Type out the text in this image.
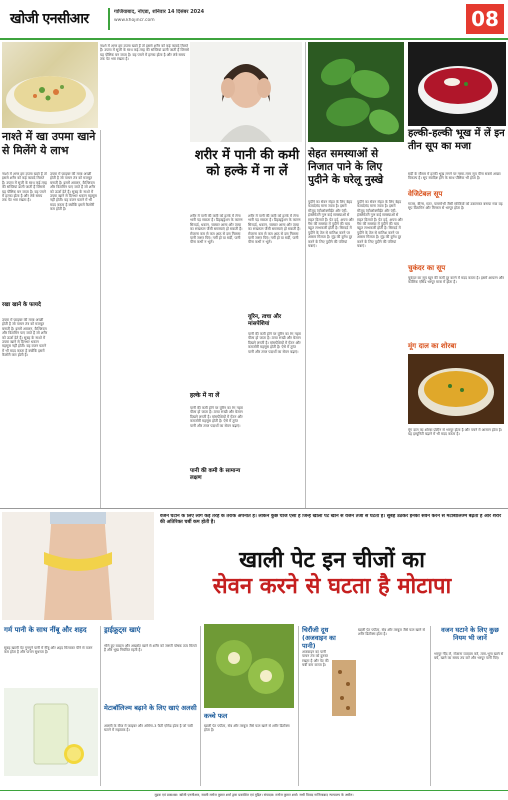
खोजी एनसीआर	गाजियाबाद, नोएडा, शनिवार 14 दिसंबर 2024
www.khojincr.com	08
नाश्ते में अगर हम उपमा खाते हैं तो इससे शरीर को कई फायदे मिलते हैं। उपमा में सूजी के साथ कई तरह की सब्जियां डाली जाती हैं जिससे यह पौष्टिक बन जाता है। यह पचने में हल्का होता है और लंबे समय तक पेट भरा रखता है।
नाश्ते में खा उपमा खाने से मिलेंगे ये लाभ
नाश्ते में अगर हम उपमा खाते हैं तो इससे शरीर को कई फायदे मिलते हैं। उपमा में सूजी के साथ कई तरह की सब्जियां डाली जाती हैं जिससे यह पौष्टिक बन जाता है। यह पचने में हल्का होता है और लंबे समय तक पेट भरा रखता है।
रखा खाने के फायदे
उपमा में फाइबर की मात्रा अच्छी होती है जो पाचन तंत्र को मजबूत बनाती है। इसमें आयरन, कैल्शियम और विटामिन पाए जाते हैं जो शरीर को ऊर्जा देते हैं। सुबह के नाश्ते में उपमा खाने से दिनभर थकान महसूस नहीं होती। यह वजन घटाने में भी मदद करता है क्योंकि इसमें कैलोरी कम होती है।
उपमा में फाइबर की मात्रा अच्छी होती है जो पाचन तंत्र को मजबूत बनाती है। इसमें आयरन, कैल्शियम और विटामिन पाए जाते हैं जो शरीर को ऊर्जा देते हैं। सुबह के नाश्ते में उपमा खाने से दिनभर थकान महसूस नहीं होती। यह वजन घटाने में भी मदद करता है क्योंकि इसमें कैलोरी कम होती है।
शरीर में पानी की कमी को हल्के में ना लें
शरीर में पानी की कमी को हल्के में लेना भारी पड़ सकता है। डिहाइड्रेशन के कारण सिरदर्द, थकान, चक्कर आना और त्वचा का रूखापन जैसी समस्याएं हो सकती हैं। रोजाना कम से कम आठ से दस गिलास पानी जरूर पिएं। गर्मी हो या सर्दी, पानी पीना कभी न भूलें।
हल्के में ना लें
पानी की कमी होने पर यूरिन का रंग गहरा पीला हो जाता है। त्वचा रूखी और बेजान दिखने लगती है। मांसपेशियों में ऐंठन और कमजोरी महसूस होती है। ऐसे में तुरंत पानी और तरल पदार्थों का सेवन बढ़ाएं।
पानी की कमी के सामान्य लक्षण
शरीर में पानी की कमी को हल्के में लेना भारी पड़ सकता है। डिहाइड्रेशन के कारण सिरदर्द, थकान, चक्कर आना और त्वचा का रूखापन जैसी समस्याएं हो सकती हैं। रोजाना कम से कम आठ से दस गिलास पानी जरूर पिएं। गर्मी हो या सर्दी, पानी पीना कभी न भूलें।
यूरिन, त्वचा और मांसपेशियां
पानी की कमी होने पर यूरिन का रंग गहरा पीला हो जाता है। त्वचा रूखी और बेजान दिखने लगती है। मांसपेशियों में ऐंठन और कमजोरी महसूस होती है। ऐसे में तुरंत पानी और तरल पदार्थों का सेवन बढ़ाएं।
सेहत समस्याओं से निजात पाने के लिए पुदीने के घरेलू नुस्खे
पुदीने का सेवन सेहत के लिए बेहद फायदेमंद माना जाता है। इसमें मौजूद एंटीऑक्सीडेंट और एंटी-इंफ्लेमेटरी गुण कई समस्याओं से राहत दिलाते हैं। पेट दर्द, अपच और गैस की समस्या में पुदीने की चाय बहुत लाभकारी होती है। सिरदर्द में पुदीने के तेल से मालिश करने पर आराम मिलता है। मुंह की दुर्गंध दूर करने के लिए पुदीने की पत्तियां चबाएं।
पुदीने का सेवन सेहत के लिए बेहद फायदेमंद माना जाता है। इसमें मौजूद एंटीऑक्सीडेंट और एंटी-इंफ्लेमेटरी गुण कई समस्याओं से राहत दिलाते हैं। पेट दर्द, अपच और गैस की समस्या में पुदीने की चाय बहुत लाभकारी होती है। सिरदर्द में पुदीने के तेल से मालिश करने पर आराम मिलता है। मुंह की दुर्गंध दूर करने के लिए पुदीने की पत्तियां चबाएं।
हल्की-हल्की भूख में लें इन तीन सूप का मजा
सर्दी के मौसम में हल्की भूख लगने पर गरमा-गरम सूप पीना सबसे अच्छा विकल्प है। सूप स्वादिष्ट होने के साथ पौष्टिक भी होता है।
वेजिटेबल सूप
गाजर, बीन्स, मटर, पत्तागोभी जैसी सब्जियों को उबालकर बनाया गया यह सूप विटामिन और मिनरल से भरपूर होता है।
चुकंदर का सूप
चुकंदर का सूप खून की कमी दूर करने में मदद करता है। इसमें आयरन और फोलिक एसिड भरपूर मात्रा में होता है।
मूंग दाल का शोरबा
मूंग दाल का शोरबा प्रोटीन से भरपूर होता है और पचने में आसान होता है। यह इम्यूनिटी बढ़ाने में भी मदद करता है।
वजन घटाने के लिए लोग कई तरह के तरीके अपनाते हैं। लेकिन कुछ चीजें ऐसी हैं जिन्हें खाली पेट खाने से वजन तेजी से घटता है। सुबह उठकर इनका सेवन करने से मेटाबॉलिज्म बढ़ता है और शरीर की अतिरिक्त चर्बी कम होती है।
खाली पेट इन चीजों का
सेवन करने से घटता है मोटापा
गर्म पानी के साथ नींबू और शहद
सुबह खाली पेट गुनगुने पानी में नींबू और शहद मिलाकर पीने से वजन कम होता है और पाचन सुधरता है।
ड्राईफ्रूट्स खाएं
भीगे हुए बादाम और अखरोट खाने से शरीर को जरूरी पोषक तत्व मिलते हैं और भूख नियंत्रित रहती है।
मेटाबॉलिज्म बढ़ाने के लिए खाएं अलसी
अलसी के बीज में फाइबर और ओमेगा-3 फैटी एसिड होता है जो चर्बी घटाने में सहायक है।
कच्चे फल
खाली पेट पपीता, सेब और तरबूज जैसे फल खाने से शरीर डिटॉक्स होता है।
चिरौंजी दूध (अजवाइन का पानी)
अजवाइन का पानी पाचन तंत्र को दुरुस्त रखता है और पेट की चर्बी कम करता है।
खाली पेट पपीता, सेब और तरबूज जैसे फल खाने से शरीर डिटॉक्स होता है।
वजन घटाने के लिए कुछ नियम भी जानें
भरपूर नींद लें, रोजाना व्यायाम करें, तला-भुना खाने से बचें, खाने का समय तय करें और भरपूर पानी पिएं।
मुद्रक एवं प्रकाशक: खोजी एनसीआर, स्वामी मनोज कुमार शर्मा द्वारा प्रकाशित एवं मुद्रित। संपादक: मनोज कुमार शर्मा। सभी विवाद गाजियाबाद न्यायालय के अधीन।
